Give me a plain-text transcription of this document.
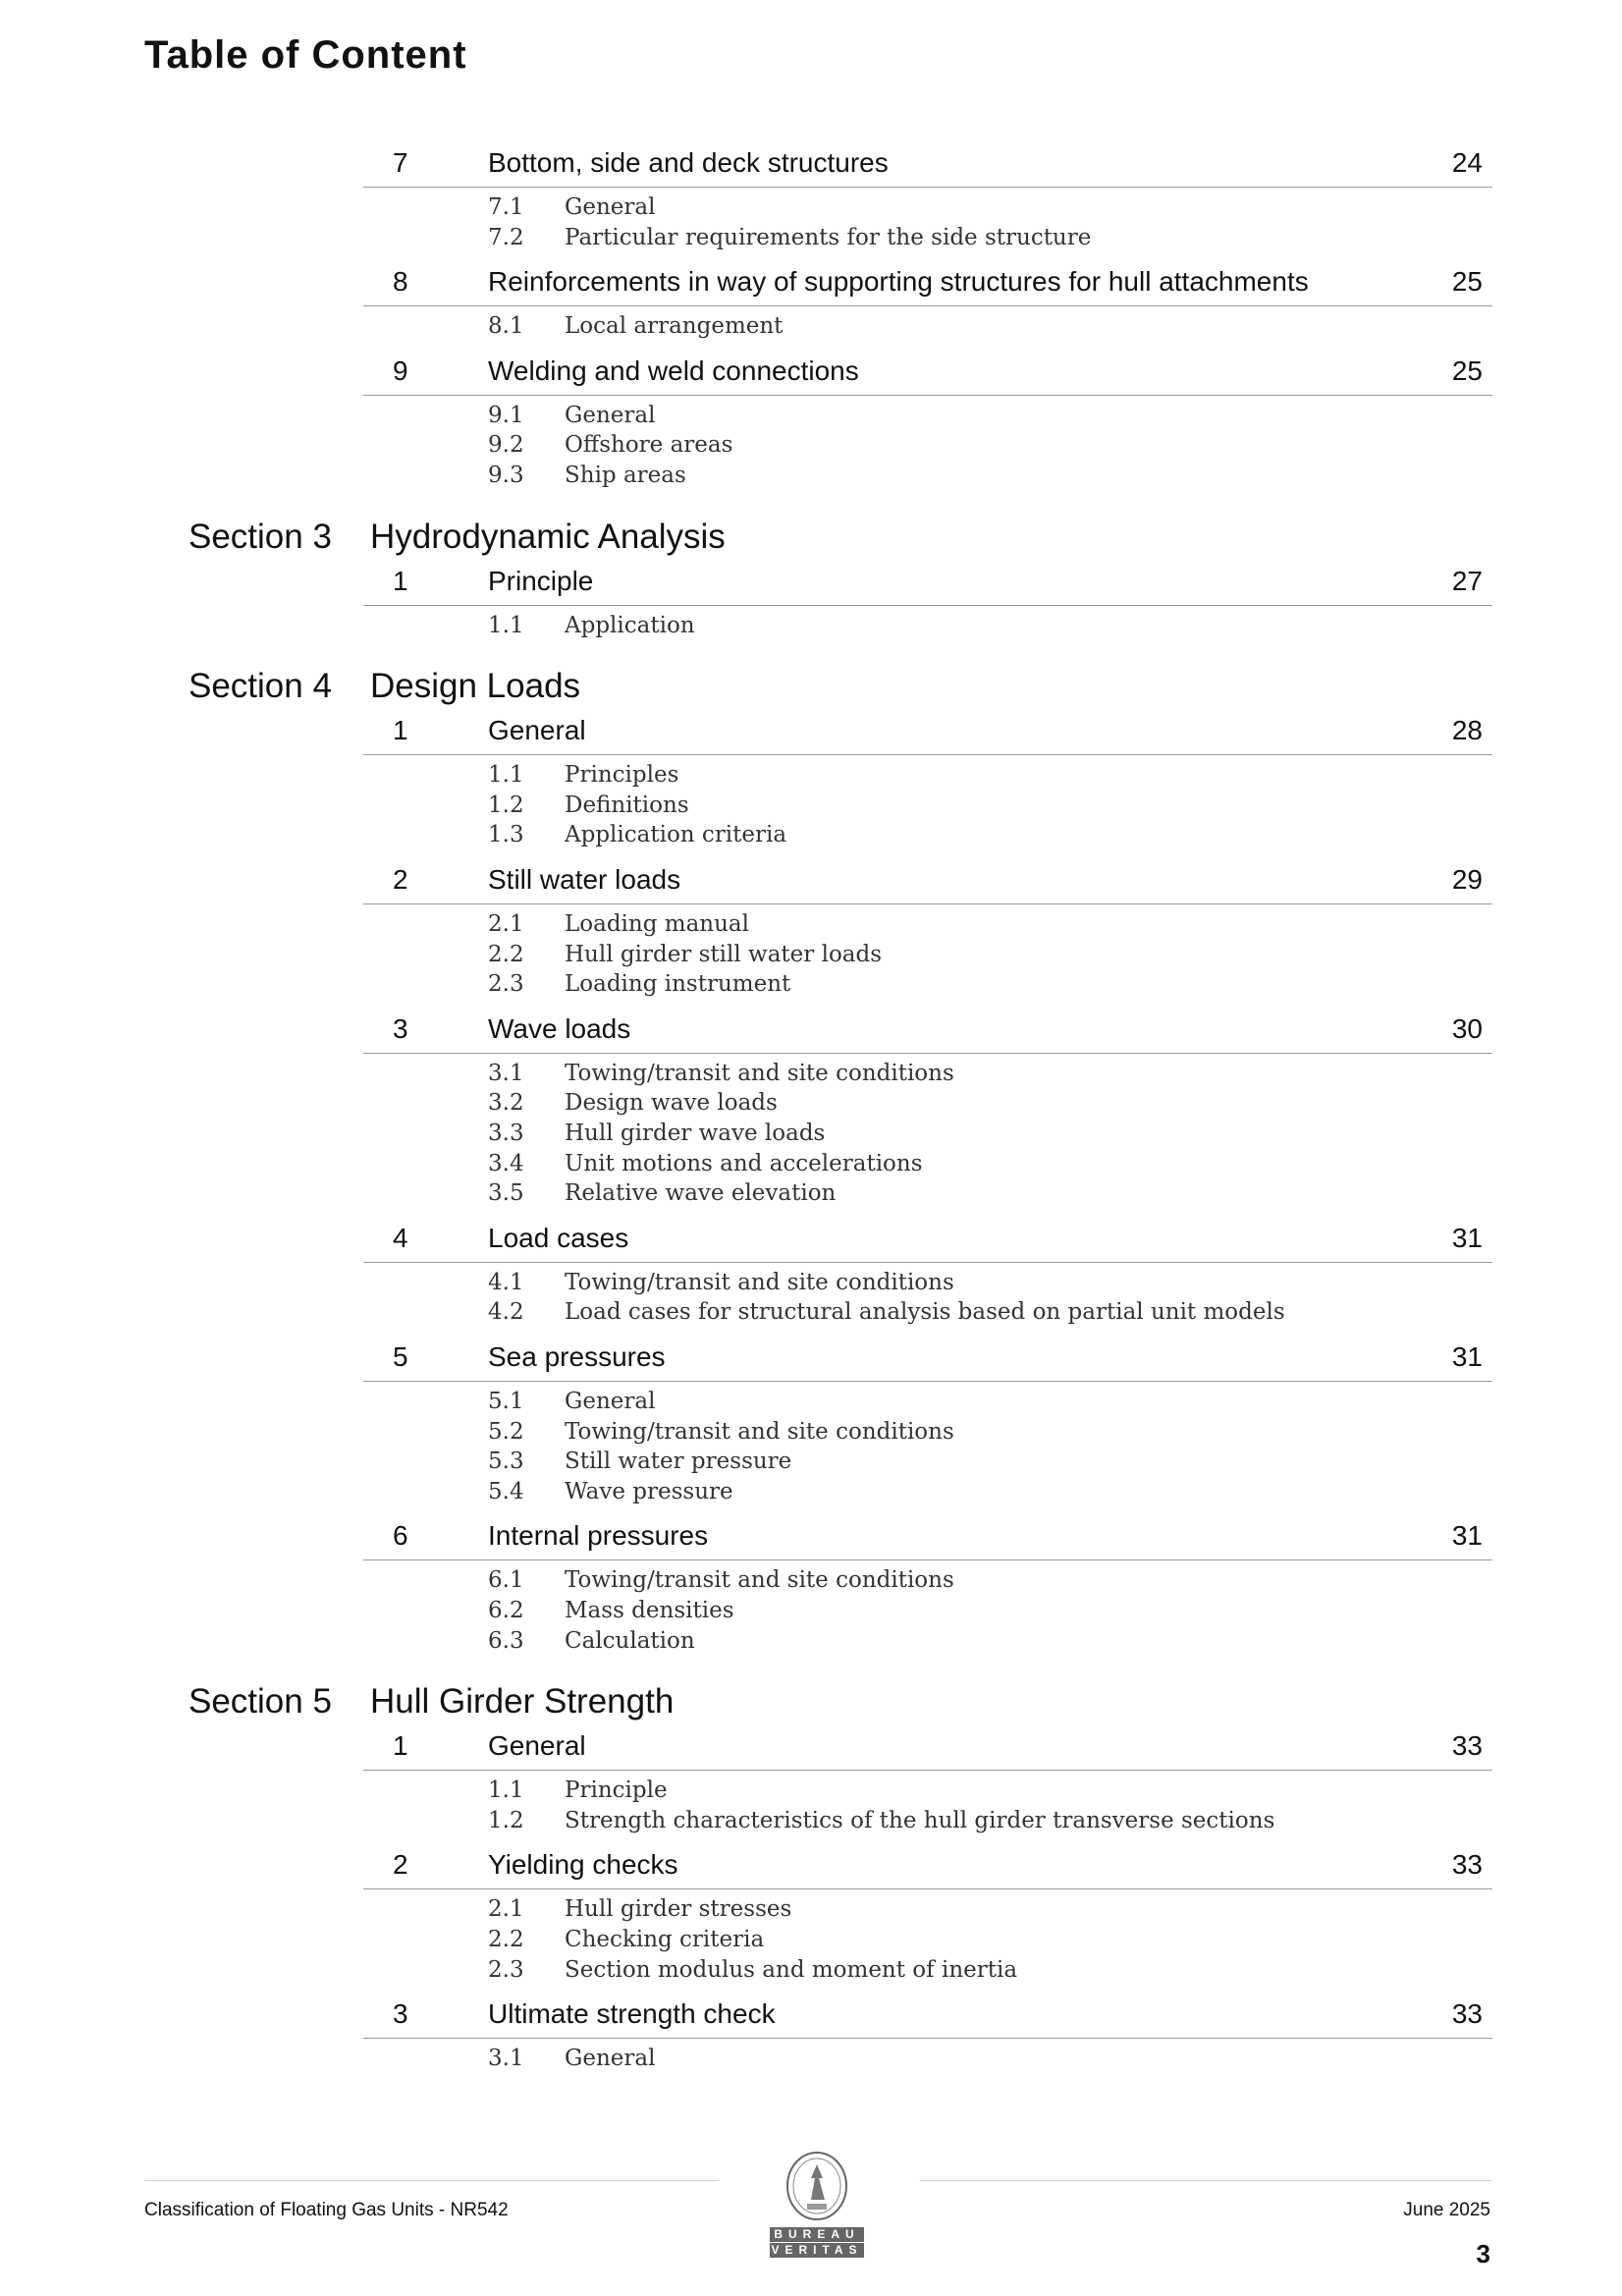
Table of Content
7	Bottom, side and deck structures	24
7.1 General
7.2 Particular requirements for the side structure
8	Reinforcements in way of supporting structures for hull attachments	25
8.1 Local arrangement
9	Welding and weld connections	25
9.1 General
9.2 Offshore areas
9.3 Ship areas
Section 3 Hydrodynamic Analysis
1	Principle	27
1.1 Application
Section 4 Design Loads
1	General	28
1.1 Principles
1.2 Definitions
1.3 Application criteria
2	Still water loads	29
2.1 Loading manual
2.2 Hull girder still water loads
2.3 Loading instrument
3	Wave loads	30
3.1 Towing/transit and site conditions
3.2 Design wave loads
3.3 Hull girder wave loads
3.4 Unit motions and accelerations
3.5 Relative wave elevation
4	Load cases	31
4.1 Towing/transit and site conditions
4.2 Load cases for structural analysis based on partial unit models
5	Sea pressures	31
5.1 General
5.2 Towing/transit and site conditions
5.3 Still water pressure
5.4 Wave pressure
6	Internal pressures	31
6.1 Towing/transit and site conditions
6.2 Mass densities
6.3 Calculation
Section 5 Hull Girder Strength
1	General	33
1.1 Principle
1.2 Strength characteristics of the hull girder transverse sections
2	Yielding checks	33
2.1 Hull girder stresses
2.2 Checking criteria
2.3 Section modulus and moment of inertia
3	Ultimate strength check	33
3.1 General
BUREAU
VERITAS
Classification of Floating Gas Units - NR542	June 2025
3
